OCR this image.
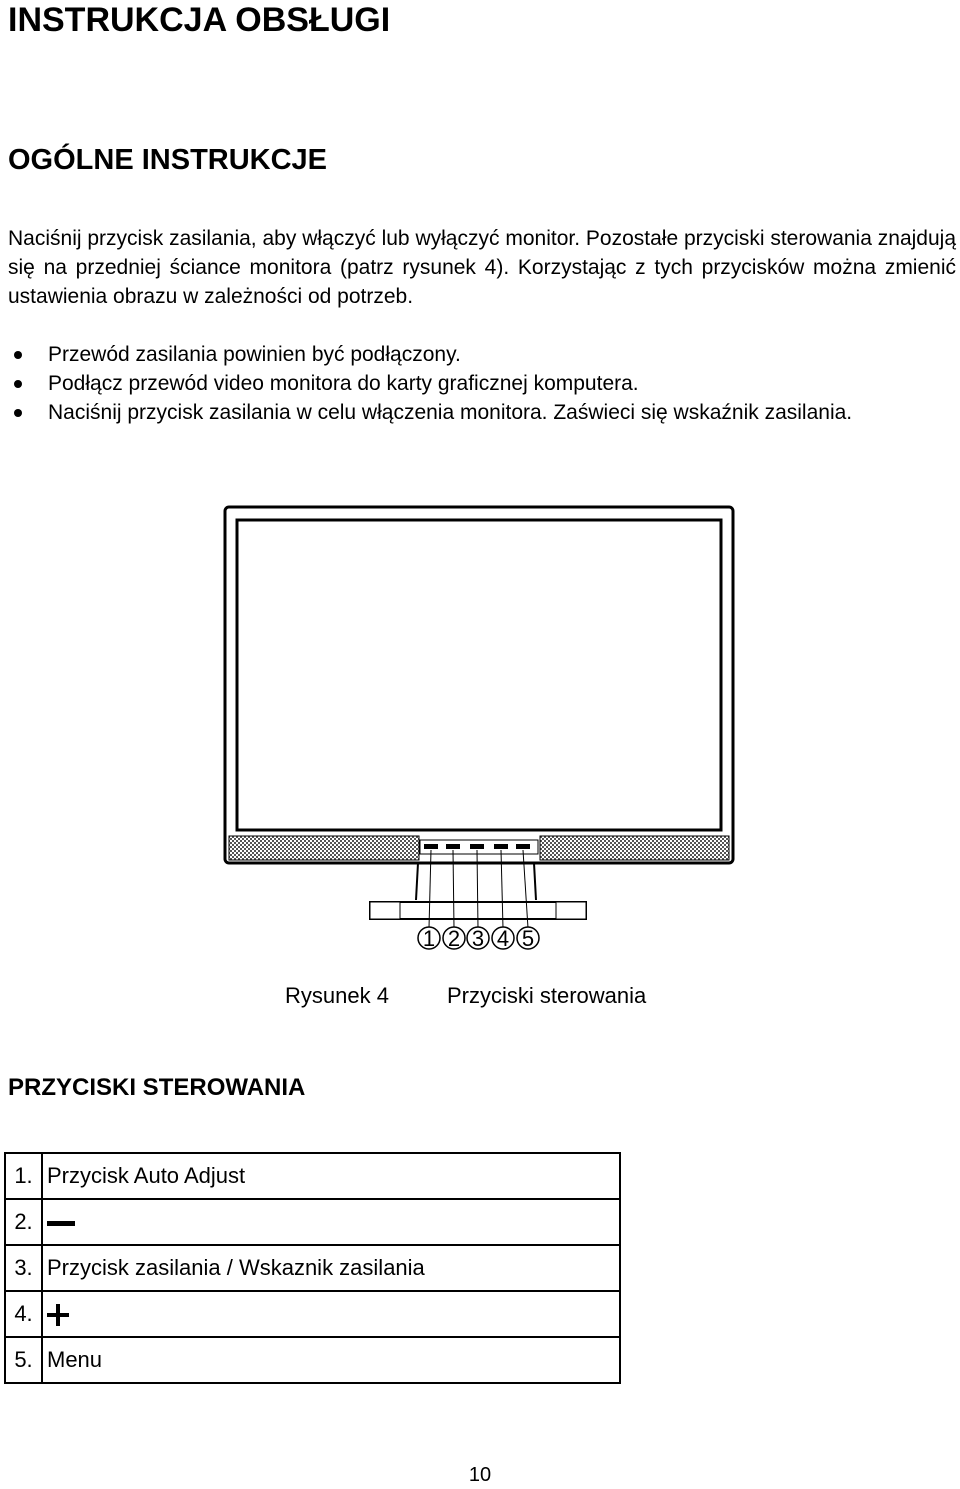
INSTRUKCJA OBSŁUGI
OGÓLNE INSTRUKCJE
Naciśnij przycisk zasilania, aby włączyć lub wyłączyć monitor. Pozostałe przyciski sterowania znajdują się na przedniej ściance monitora (patrz rysunek 4). Korzystając z tych przycisków można zmienić ustawienia obrazu w zależności od potrzeb.
Przewód zasilania powinien być podłączony.
Podłącz przewód video monitora do karty graficznej komputera.
Naciśnij przycisk zasilania w celu włączenia monitora. Zaświeci się wskaźnik zasilania.
1 2 3 4 5
Rysunek 4	Przyciski sterowania
PRZYCISKI STEROWANIA
1.	Przycisk Auto Adjust
2.	
3.	Przycisk zasilania / Wskaznik zasilania
4.	
5.	Menu
10
